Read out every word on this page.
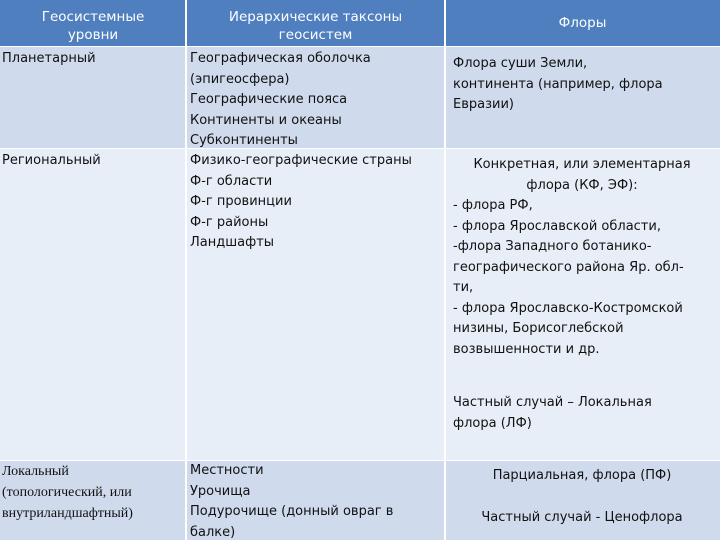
Геосистемные
уровни
Иерархические таксоны
геосистем
Флоры
Планетарный	Географическая оболочка
(эпигеосфера)
Географические пояса
Континенты и океаны
Субконтиненты
Флора суши Земли,
континента (например, флора
Евразии)
Региональный	Физико-географические страны
Ф-г области
Ф-г провинции
Ф-г районы
Ландшафты
Конкретная, или элементарная
флора (КФ, ЭФ):
- флора РФ,
- флора Ярославской области,
-флора Западного ботанико-
географического района Яр. обл-
ти,
- флора Ярославско-Костромской
низины, Борисоглебской
возвышенности и др.
Частный случай – Локальная
флора (ЛФ)
Локальный
(топологический, или
внутриландшафтный)
Местности
Урочища
Подурочище (донный овраг в
балке)
Парциальная, флора (ПФ)
Частный случай - Ценофлора
